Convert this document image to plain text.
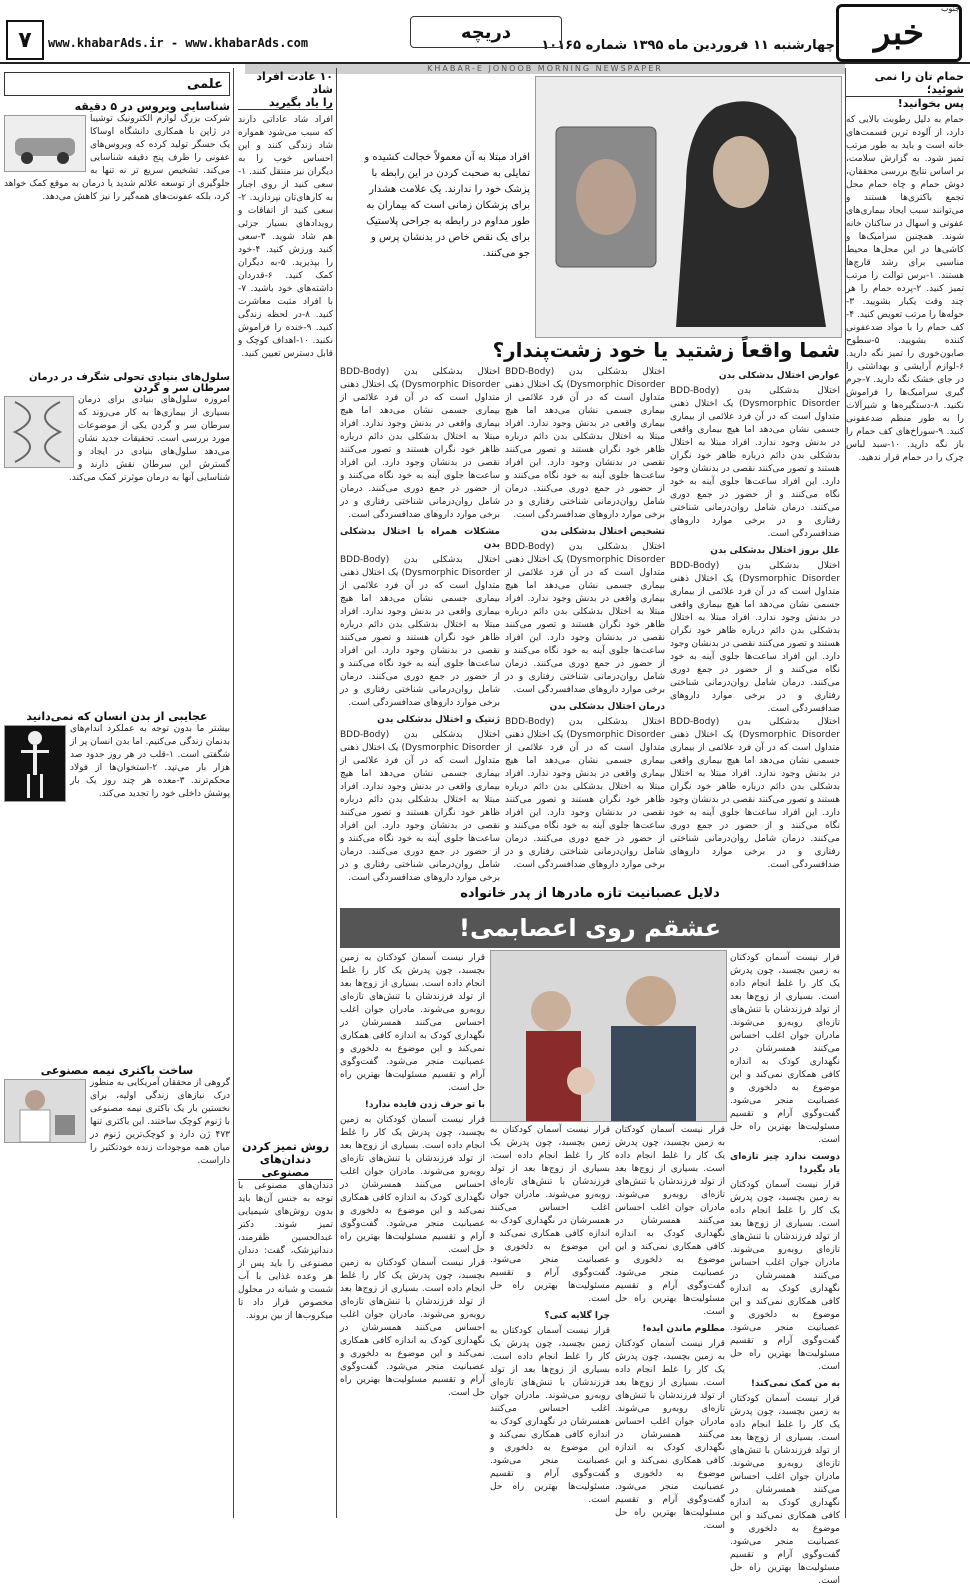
خبر
جنوب
چهارشنبه ۱۱ فروردین ماه ۱۳۹۵ شماره ۱۰۱۶۵
دریچه
www.khabarAds.ir - www.khabarAds.com
۷
KHABAR-E JONOOB MORNING NEWSPAPER
حمام تان را نمی شوئید؛
پس بخوانید!
حمام به دلیل رطوبت بالایی که دارد، از آلوده ترین قسمت‌های خانه است و باید به طور مرتب تمیز شود. به گزارش سلامت، بر اساس نتایج بررسی محققان، دوش حمام و چاه حمام محل تجمع باکتری‌ها هستند و می‌توانند سبب ایجاد بیماری‌های عفونی و اسهال در ساکنان خانه شوند. همچنین سرامیک‌ها و کاشی‌ها در این محل‌ها محیط مناسبی برای رشد قارچ‌ها هستند. ۱-برس توالت را مرتب تمیز کنید. ۲-پرده حمام را هر چند وقت یکبار بشویید. ۳-حوله‌ها را مرتب تعویض کنید. ۴-کف حمام را با مواد ضدعفونی کننده بشویید. ۵-سطوح صابون‌خوری را تمیز نگه دارید. ۶-لوازم آرایشی و بهداشتی را در جای خشک نگه دارید. ۷-جرم گیری سرامیک‌ها را فراموش نکنید. ۸-دستگیره‌ها و شیرآلات را به طور منظم ضدعفونی کنید. ۹-سوراخ‌های کف حمام را باز نگه دارید. ۱۰-سبد لباس چرک را در حمام قرار ندهید.
افراد مبتلا به آن معمولاً خجالت کشیده و تمایلی به صحبت کردن در این رابطه با پزشک خود را ندارند. یک علامت هشدار برای پزشکان زمانی است که بیماران به طور مداوم در رابطه به جراحی پلاستیک برای یک نقص خاص در بدنشان پرس و جو می‌کنند.
شما واقعاً زشتید یا خود زشت‌پندار؟
عوارض اختلال بدشکلی بدن
اختلال بدشکلی بدن (BDD-Body Dysmorphic Disorder) یک اختلال ذهنی متداول است که در آن فرد علائمی از بیماری جسمی نشان می‌دهد اما هیچ بیماری واقعی در بدنش وجود ندارد. افراد مبتلا به اختلال بدشکلی بدن دائم درباره ظاهر خود نگران هستند و تصور می‌کنند نقصی در بدنشان وجود دارد. این افراد ساعت‌ها جلوی آینه به خود نگاه می‌کنند و از حضور در جمع دوری می‌کنند. درمان شامل روان‌درمانی شناختی رفتاری و در برخی موارد داروهای ضدافسردگی است.
علل بروز اختلال بدشکلی بدن
اختلال بدشکلی بدن (BDD-Body Dysmorphic Disorder) یک اختلال ذهنی متداول است که در آن فرد علائمی از بیماری جسمی نشان می‌دهد اما هیچ بیماری واقعی در بدنش وجود ندارد. افراد مبتلا به اختلال بدشکلی بدن دائم درباره ظاهر خود نگران هستند و تصور می‌کنند نقصی در بدنشان وجود دارد. این افراد ساعت‌ها جلوی آینه به خود نگاه می‌کنند و از حضور در جمع دوری می‌کنند. درمان شامل روان‌درمانی شناختی رفتاری و در برخی موارد داروهای ضدافسردگی است.
اختلال بدشکلی بدن (BDD-Body Dysmorphic Disorder) یک اختلال ذهنی متداول است که در آن فرد علائمی از بیماری جسمی نشان می‌دهد اما هیچ بیماری واقعی در بدنش وجود ندارد. افراد مبتلا به اختلال بدشکلی بدن دائم درباره ظاهر خود نگران هستند و تصور می‌کنند نقصی در بدنشان وجود دارد. این افراد ساعت‌ها جلوی آینه به خود نگاه می‌کنند و از حضور در جمع دوری می‌کنند. درمان شامل روان‌درمانی شناختی رفتاری و در برخی موارد داروهای ضدافسردگی است.
اختلال بدشکلی بدن (BDD-Body Dysmorphic Disorder) یک اختلال ذهنی متداول است که در آن فرد علائمی از بیماری جسمی نشان می‌دهد اما هیچ بیماری واقعی در بدنش وجود ندارد. افراد مبتلا به اختلال بدشکلی بدن دائم درباره ظاهر خود نگران هستند و تصور می‌کنند نقصی در بدنشان وجود دارد. این افراد ساعت‌ها جلوی آینه به خود نگاه می‌کنند و از حضور در جمع دوری می‌کنند. درمان شامل روان‌درمانی شناختی رفتاری و در برخی موارد داروهای ضدافسردگی است.
تشخیص اختلال بدشکلی بدن
اختلال بدشکلی بدن (BDD-Body Dysmorphic Disorder) یک اختلال ذهنی متداول است که در آن فرد علائمی از بیماری جسمی نشان می‌دهد اما هیچ بیماری واقعی در بدنش وجود ندارد. افراد مبتلا به اختلال بدشکلی بدن دائم درباره ظاهر خود نگران هستند و تصور می‌کنند نقصی در بدنشان وجود دارد. این افراد ساعت‌ها جلوی آینه به خود نگاه می‌کنند و از حضور در جمع دوری می‌کنند. درمان شامل روان‌درمانی شناختی رفتاری و در برخی موارد داروهای ضدافسردگی است.
درمان اختلال بدشکلی بدن
اختلال بدشکلی بدن (BDD-Body Dysmorphic Disorder) یک اختلال ذهنی متداول است که در آن فرد علائمی از بیماری جسمی نشان می‌دهد اما هیچ بیماری واقعی در بدنش وجود ندارد. افراد مبتلا به اختلال بدشکلی بدن دائم درباره ظاهر خود نگران هستند و تصور می‌کنند نقصی در بدنشان وجود دارد. این افراد ساعت‌ها جلوی آینه به خود نگاه می‌کنند و از حضور در جمع دوری می‌کنند. درمان شامل روان‌درمانی شناختی رفتاری و در برخی موارد داروهای ضدافسردگی است.
اختلال بدشکلی بدن (BDD-Body Dysmorphic Disorder) یک اختلال ذهنی متداول است که در آن فرد علائمی از بیماری جسمی نشان می‌دهد اما هیچ بیماری واقعی در بدنش وجود ندارد. افراد مبتلا به اختلال بدشکلی بدن دائم درباره ظاهر خود نگران هستند و تصور می‌کنند نقصی در بدنشان وجود دارد. این افراد ساعت‌ها جلوی آینه به خود نگاه می‌کنند و از حضور در جمع دوری می‌کنند. درمان شامل روان‌درمانی شناختی رفتاری و در برخی موارد داروهای ضدافسردگی است.
مشکلات همراه با اختلال بدشکلی بدن
اختلال بدشکلی بدن (BDD-Body Dysmorphic Disorder) یک اختلال ذهنی متداول است که در آن فرد علائمی از بیماری جسمی نشان می‌دهد اما هیچ بیماری واقعی در بدنش وجود ندارد. افراد مبتلا به اختلال بدشکلی بدن دائم درباره ظاهر خود نگران هستند و تصور می‌کنند نقصی در بدنشان وجود دارد. این افراد ساعت‌ها جلوی آینه به خود نگاه می‌کنند و از حضور در جمع دوری می‌کنند. درمان شامل روان‌درمانی شناختی رفتاری و در برخی موارد داروهای ضدافسردگی است.
ژنتیک و اختلال بدشکلی بدن
اختلال بدشکلی بدن (BDD-Body Dysmorphic Disorder) یک اختلال ذهنی متداول است که در آن فرد علائمی از بیماری جسمی نشان می‌دهد اما هیچ بیماری واقعی در بدنش وجود ندارد. افراد مبتلا به اختلال بدشکلی بدن دائم درباره ظاهر خود نگران هستند و تصور می‌کنند نقصی در بدنشان وجود دارد. این افراد ساعت‌ها جلوی آینه به خود نگاه می‌کنند و از حضور در جمع دوری می‌کنند. درمان شامل روان‌درمانی شناختی رفتاری و در برخی موارد داروهای ضدافسردگی است.
دلایل عصبانیت تازه مادرها از پدر خانواده
عشقم روی اعصابمی!
قرار نیست آسمان کودکتان به زمین بچسبد، چون پدرش یک کار را غلط انجام داده است. بسیاری از زوج‌ها بعد از تولد فرزندشان با تنش‌های تازه‌ای روبه‌رو می‌شوند. مادران جوان اغلب احساس می‌کنند همسرشان در نگهداری کودک به اندازه کافی همکاری نمی‌کند و این موضوع به دلخوری و عصبانیت منجر می‌شود. گفت‌وگوی آرام و تقسیم مسئولیت‌ها بهترین راه حل است.
دوست ندارد چیز تازه‌ای یاد بگیرد!
قرار نیست آسمان کودکتان به زمین بچسبد، چون پدرش یک کار را غلط انجام داده است. بسیاری از زوج‌ها بعد از تولد فرزندشان با تنش‌های تازه‌ای روبه‌رو می‌شوند. مادران جوان اغلب احساس می‌کنند همسرشان در نگهداری کودک به اندازه کافی همکاری نمی‌کند و این موضوع به دلخوری و عصبانیت منجر می‌شود. گفت‌وگوی آرام و تقسیم مسئولیت‌ها بهترین راه حل است.
به من کمک نمی‌کند!
قرار نیست آسمان کودکتان به زمین بچسبد، چون پدرش یک کار را غلط انجام داده است. بسیاری از زوج‌ها بعد از تولد فرزندشان با تنش‌های تازه‌ای روبه‌رو می‌شوند. مادران جوان اغلب احساس می‌کنند همسرشان در نگهداری کودک به اندازه کافی همکاری نمی‌کند و این موضوع به دلخوری و عصبانیت منجر می‌شود. گفت‌وگوی آرام و تقسیم مسئولیت‌ها بهترین راه حل است.
قرار نیست آسمان کودکتان به زمین بچسبد، چون پدرش یک کار را غلط انجام داده است. بسیاری از زوج‌ها بعد از تولد فرزندشان با تنش‌های تازه‌ای روبه‌رو می‌شوند. مادران جوان اغلب احساس می‌کنند همسرشان در نگهداری کودک به اندازه کافی همکاری نمی‌کند و این موضوع به دلخوری و عصبانیت منجر می‌شود. گفت‌وگوی آرام و تقسیم مسئولیت‌ها بهترین راه حل است.
مطلوم ماندن ایده!
قرار نیست آسمان کودکتان به زمین بچسبد، چون پدرش یک کار را غلط انجام داده است. بسیاری از زوج‌ها بعد از تولد فرزندشان با تنش‌های تازه‌ای روبه‌رو می‌شوند. مادران جوان اغلب احساس می‌کنند همسرشان در نگهداری کودک به اندازه کافی همکاری نمی‌کند و این موضوع به دلخوری و عصبانیت منجر می‌شود. گفت‌وگوی آرام و تقسیم مسئولیت‌ها بهترین راه حل است.
قرار نیست آسمان کودکتان به زمین بچسبد، چون پدرش یک کار را غلط انجام داده است. بسیاری از زوج‌ها بعد از تولد فرزندشان با تنش‌های تازه‌ای روبه‌رو می‌شوند. مادران جوان اغلب احساس می‌کنند همسرشان در نگهداری کودک به اندازه کافی همکاری نمی‌کند و این موضوع به دلخوری و عصبانیت منجر می‌شود. گفت‌وگوی آرام و تقسیم مسئولیت‌ها بهترین راه حل است.
چرا گلایه کنی؟
قرار نیست آسمان کودکتان به زمین بچسبد، چون پدرش یک کار را غلط انجام داده است. بسیاری از زوج‌ها بعد از تولد فرزندشان با تنش‌های تازه‌ای روبه‌رو می‌شوند. مادران جوان اغلب احساس می‌کنند همسرشان در نگهداری کودک به اندازه کافی همکاری نمی‌کند و این موضوع به دلخوری و عصبانیت منجر می‌شود. گفت‌وگوی آرام و تقسیم مسئولیت‌ها بهترین راه حل است.
قرار نیست آسمان کودکتان به زمین بچسبد، چون پدرش یک کار را غلط انجام داده است. بسیاری از زوج‌ها بعد از تولد فرزندشان با تنش‌های تازه‌ای روبه‌رو می‌شوند. مادران جوان اغلب احساس می‌کنند همسرشان در نگهداری کودک به اندازه کافی همکاری نمی‌کند و این موضوع به دلخوری و عصبانیت منجر می‌شود. گفت‌وگوی آرام و تقسیم مسئولیت‌ها بهترین راه حل است.
با تو حرف زدن فایده ندارد!
قرار نیست آسمان کودکتان به زمین بچسبد، چون پدرش یک کار را غلط انجام داده است. بسیاری از زوج‌ها بعد از تولد فرزندشان با تنش‌های تازه‌ای روبه‌رو می‌شوند. مادران جوان اغلب احساس می‌کنند همسرشان در نگهداری کودک به اندازه کافی همکاری نمی‌کند و این موضوع به دلخوری و عصبانیت منجر می‌شود. گفت‌وگوی آرام و تقسیم مسئولیت‌ها بهترین راه حل است.
قرار نیست آسمان کودکتان به زمین بچسبد، چون پدرش یک کار را غلط انجام داده است. بسیاری از زوج‌ها بعد از تولد فرزندشان با تنش‌های تازه‌ای روبه‌رو می‌شوند. مادران جوان اغلب احساس می‌کنند همسرشان در نگهداری کودک به اندازه کافی همکاری نمی‌کند و این موضوع به دلخوری و عصبانیت منجر می‌شود. گفت‌وگوی آرام و تقسیم مسئولیت‌ها بهترین راه حل است.
۱۰ عادت افراد شاد
را یاد بگیرید
افراد شاد عاداتی دارند که سبب می‌شود همواره شاد زندگی کنند و این احساس خوب را به دیگران نیز منتقل کنند. ۱-سعی کنید از روی اجبار به کار‌های‌تان نپردازید. ۲-سعی کنید از اتفاقات و رویدادهای بسیار جزئی هم شاد شوید. ۳-سعی کنید ورزش کنید. ۴-خود را بپذیرید. ۵-به دیگران کمک کنید. ۶-قدردان داشته‌های خود باشید. ۷-با افراد مثبت معاشرت کنید. ۸-در لحظه زندگی کنید. ۹-خنده را فراموش نکنید. ۱۰-اهداف کوچک و قابل دسترس تعیین کنید.
روش تمیز کردن
دندان‌های مصنوعی
دندان‌های مصنوعی با توجه به جنس آن‌ها باید بدون روش‌های شیمیایی تمیز شوند. دکتر عبدالحسین ظفرمند، دندانپزشک، گفت: دندان مصنوعی را باید پس از هر وعده غذایی با آب شست و شبانه در محلول مخصوص قرار داد تا میکروب‌ها از بین بروند.
علمی
شناسایی ویروس در ۵ دقیقه
شرکت بزرگ لوازم الکترونیک توشیبا در ژاپن با همکاری دانشگاه اوساکا یک حسگر تولید کرده که ویروس‌های عفونی را ظرف پنج دقیقه شناسایی می‌کند. تشخیص سریع تر نه تنها به جلوگیری از توسعه علائم شدید یا درمان به موقع کمک خواهد کرد، بلکه عفونت‌های همه‌گیر را نیز کاهش می‌دهد.
سلول‌های بنیادی تحولی شگرف در درمان سرطان سر و گردن
امروزه سلول‌های بنیادی برای درمان بسیاری از بیماری‌ها به کار می‌روند که سرطان سر و گردن یکی از موضوعات مورد بررسی است. تحقیقات جدید نشان می‌دهد سلول‌های بنیادی در ایجاد و گسترش این سرطان نقش دارند و شناسایی آنها به درمان موثرتر کمک می‌کند.
عجایبی از بدن انسان که نمی‌دانید
بیشتر ما بدون توجه به عملکرد اندام‌های بدنمان زندگی می‌کنیم. اما بدن انسان پر از شگفتی است. ۱-قلب در هر روز حدود صد هزار بار می‌تپد. ۲-استخوان‌ها از فولاد محکم‌ترند. ۳-معده هر چند روز یک بار پوشش داخلی خود را تجدید می‌کند.
ساخت باکتری نیمه مصنوعی
گروهی از محققان آمریکایی به منظور درک نیازهای زندگی اولیه، برای نخستین بار یک باکتری نیمه مصنوعی با ژنوم کوچک ساختند. این باکتری تنها ۴۷۳ ژن دارد و کوچک‌ترین ژنوم در میان همه موجودات زنده خودتکثیر را داراست.
